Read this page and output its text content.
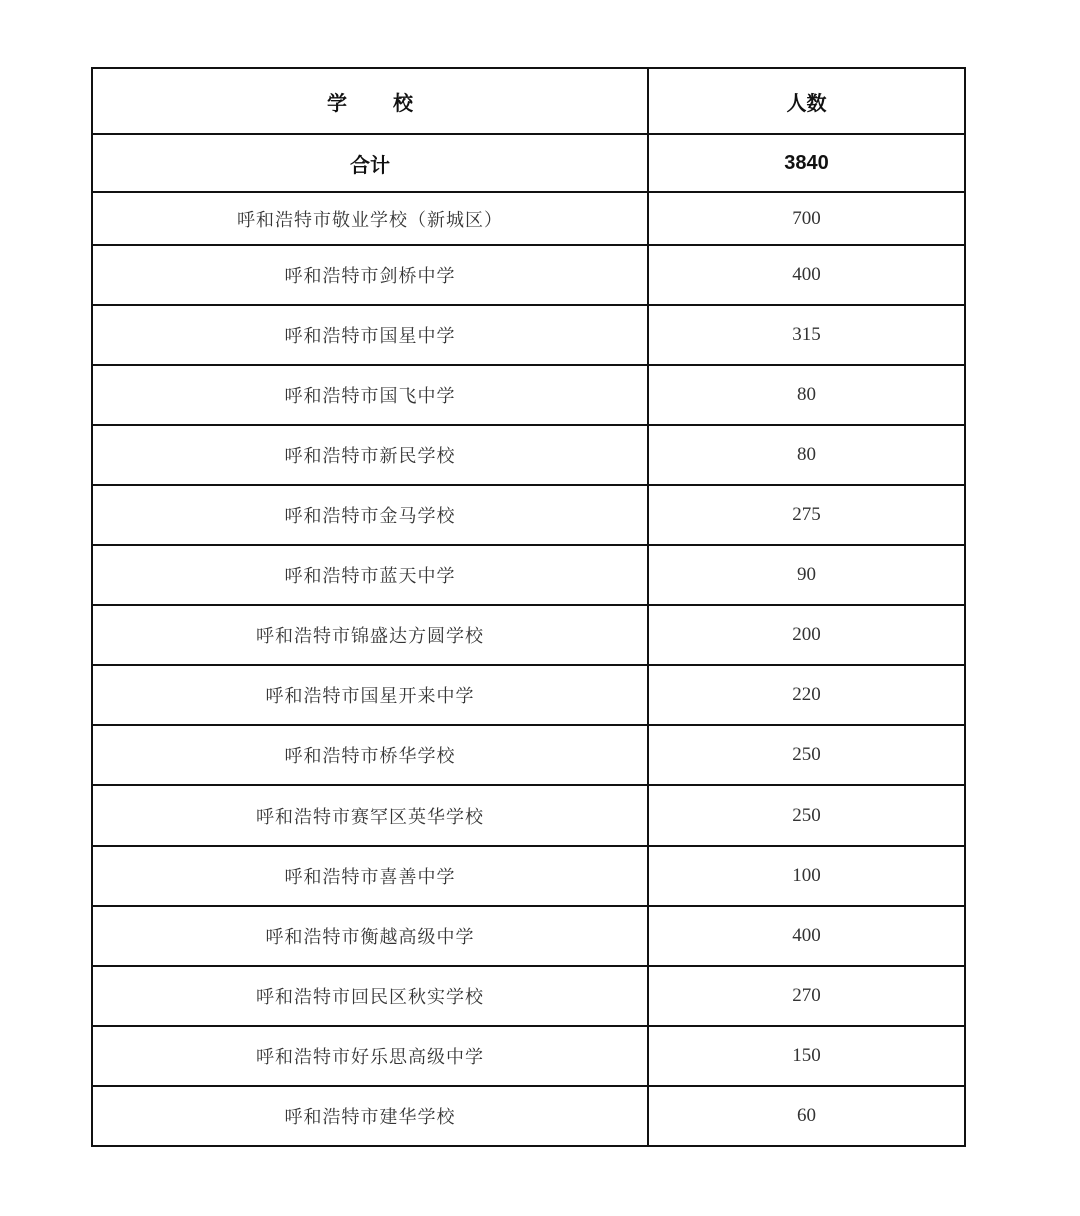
学 校	人数
合计	3840
呼和浩特市敬业学校（新城区）	700
呼和浩特市剑桥中学	400
呼和浩特市国星中学	315
呼和浩特市国飞中学	80
呼和浩特市新民学校	80
呼和浩特市金马学校	275
呼和浩特市蓝天中学	90
呼和浩特市锦盛达方圆学校	200
呼和浩特市国星开来中学	220
呼和浩特市桥华学校	250
呼和浩特市赛罕区英华学校	250
呼和浩特市喜善中学	100
呼和浩特市衡越高级中学	400
呼和浩特市回民区秋实学校	270
呼和浩特市好乐思高级中学	150
呼和浩特市建华学校	60
